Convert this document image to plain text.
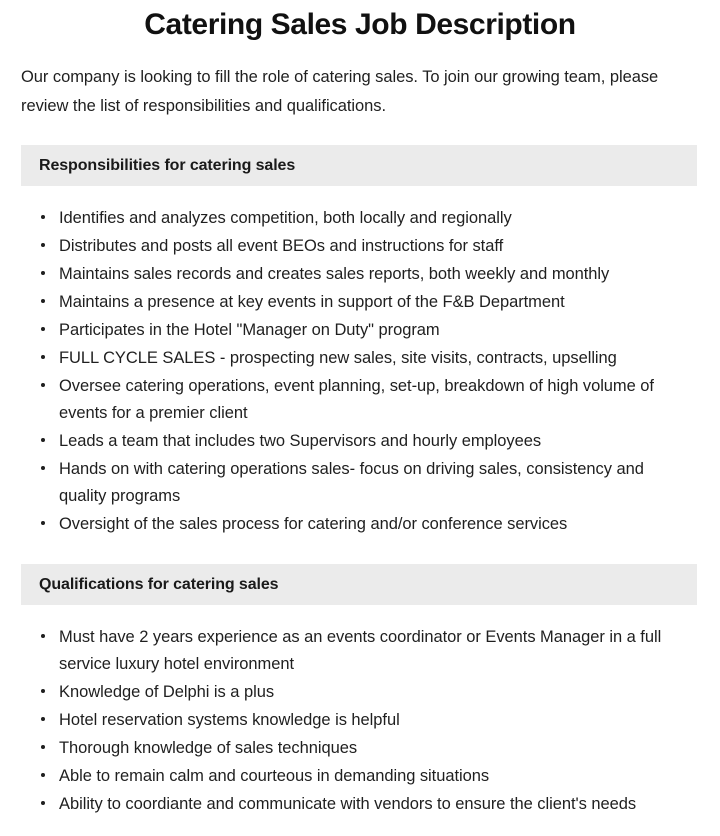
Catering Sales Job Description

Our company is looking to fill the role of catering sales. To join our growing team, please review the list of responsibilities and qualifications.

Responsibilities for catering sales
Identifies and analyzes competition, both locally and regionally
Distributes and posts all event BEOs and instructions for staff
Maintains sales records and creates sales reports, both weekly and monthly
Maintains a presence at key events in support of the F&B Department
Participates in the Hotel "Manager on Duty" program
FULL CYCLE SALES - prospecting new sales, site visits, contracts, upselling
Oversee catering operations, event planning, set-up, breakdown of high volume of events for a premier client
Leads a team that includes two Supervisors and hourly employees
Hands on with catering operations sales- focus on driving sales, consistency and quality programs
Oversight of the sales process for catering and/or conference services
Qualifications for catering sales
Must have 2 years experience as an events coordinator or Events Manager in a full service luxury hotel environment
Knowledge of Delphi is a plus
Hotel reservation systems knowledge is helpful
Thorough knowledge of sales techniques
Able to remain calm and courteous in demanding situations
Ability to coordiante and communicate with vendors to ensure the client's needs
